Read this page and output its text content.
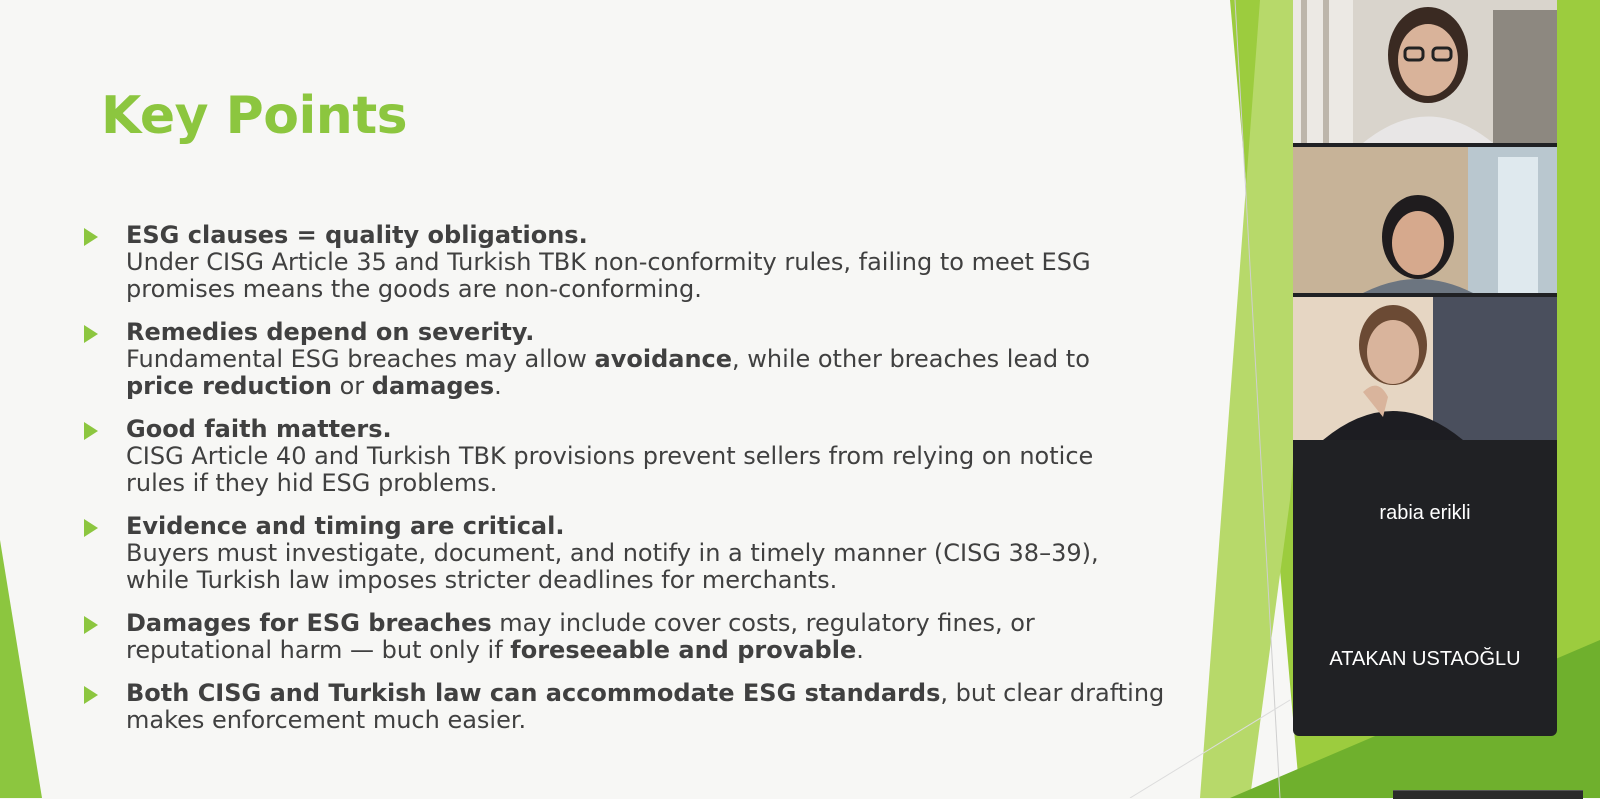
Key Points
ESG clauses = quality obligations.
Under CISG Article 35 and Turkish TBK non-conformity rules, failing to meet ESG
promises means the goods are non-conforming.
Remedies depend on severity.
Fundamental ESG breaches may allow avoidance, while other breaches lead to
price reduction or damages.
Good faith matters.
CISG Article 40 and Turkish TBK provisions prevent sellers from relying on notice
rules if they hid ESG problems.
Evidence and timing are critical.
Buyers must investigate, document, and notify in a timely manner (CISG 38–39),
while Turkish law imposes stricter deadlines for merchants.
Damages for ESG breaches may include cover costs, regulatory fines, or
reputational harm — but only if foreseeable and provable.
Both CISG and Turkish law can accommodate ESG standards, but clear drafting
makes enforcement much easier.
rabia erikli
ATAKAN USTAOĞLU
